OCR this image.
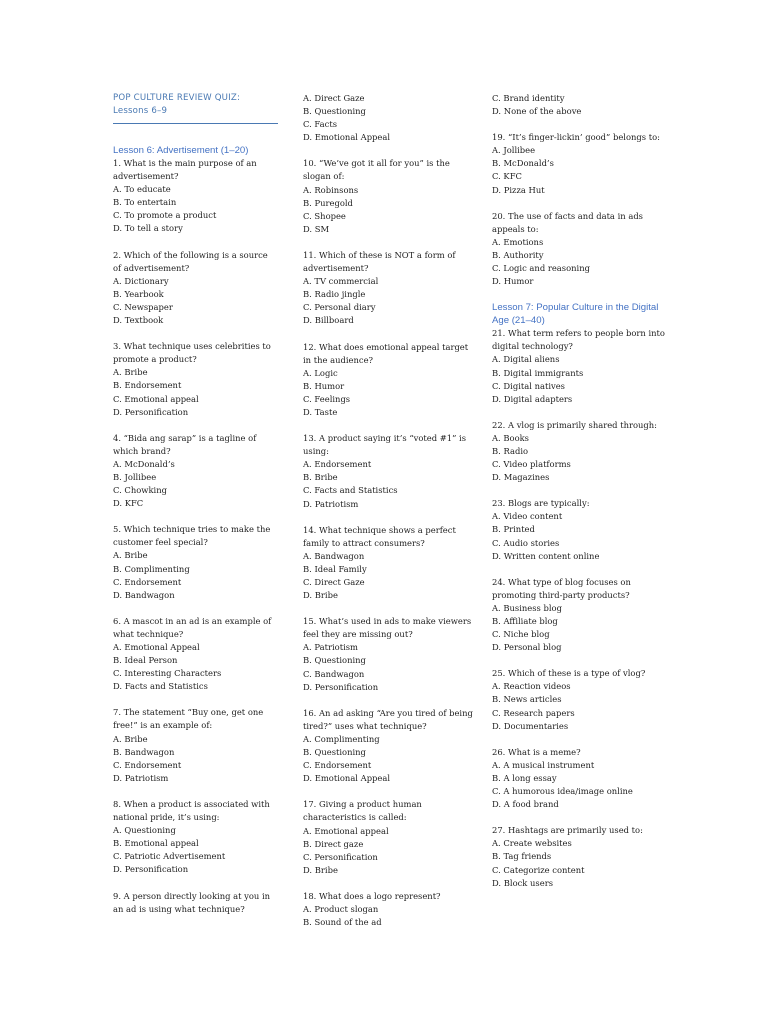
POP CULTURE REVIEW QUIZ: Lessons 6–9
Lesson 6: Advertisement (1–20)
1. What is the main purpose of an advertisement?
A. To educate
B. To entertain
C. To promote a product
D. To tell a story
2. Which of the following is a source of advertisement?
A. Dictionary
B. Yearbook
C. Newspaper
D. Textbook
3. What technique uses celebrities to promote a product?
A. Bribe
B. Endorsement
C. Emotional appeal
D. Personification
4. “Bida ang sarap” is a tagline of which brand?
A. McDonald’s
B. Jollibee
C. Chowking
D. KFC
5. Which technique tries to make the customer feel special?
A. Bribe
B. Complimenting
C. Endorsement
D. Bandwagon
6. A mascot in an ad is an example of what technique?
A. Emotional Appeal
B. Ideal Person
C. Interesting Characters
D. Facts and Statistics
7. The statement “Buy one, get one free!” is an example of:
A. Bribe
B. Bandwagon
C. Endorsement
D. Patriotism
8. When a product is associated with national pride, it’s using:
A. Questioning
B. Emotional appeal
C. Patriotic Advertisement
D. Personification
9. A person directly looking at you in an ad is using what technique?
A. Direct Gaze
B. Questioning
C. Facts
D. Emotional Appeal
10. “We’ve got it all for you” is the slogan of:
A. Robinsons
B. Puregold
C. Shopee
D. SM
11. Which of these is NOT a form of advertisement?
A. TV commercial
B. Radio jingle
C. Personal diary
D. Billboard
12. What does emotional appeal target in the audience?
A. Logic
B. Humor
C. Feelings
D. Taste
13. A product saying it’s “voted #1” is using:
A. Endorsement
B. Bribe
C. Facts and Statistics
D. Patriotism
14. What technique shows a perfect family to attract consumers?
A. Bandwagon
B. Ideal Family
C. Direct Gaze
D. Bribe
15. What’s used in ads to make viewers feel they are missing out?
A. Patriotism
B. Questioning
C. Bandwagon
D. Personification
16. An ad asking “Are you tired of being tired?” uses what technique?
A. Complimenting
B. Questioning
C. Endorsement
D. Emotional Appeal
17. Giving a product human characteristics is called:
A. Emotional appeal
B. Direct gaze
C. Personification
D. Bribe
18. What does a logo represent?
A. Product slogan
B. Sound of the ad
C. Brand identity
D. None of the above
19. “It’s finger-lickin’ good” belongs to:
A. Jollibee
B. McDonald’s
C. KFC
D. Pizza Hut
20. The use of facts and data in ads appeals to:
A. Emotions
B. Authority
C. Logic and reasoning
D. Humor
Lesson 7: Popular Culture in the Digital Age (21–40)
21. What term refers to people born into digital technology?
A. Digital aliens
B. Digital immigrants
C. Digital natives
D. Digital adapters
22. A vlog is primarily shared through:
A. Books
B. Radio
C. Video platforms
D. Magazines
23. Blogs are typically:
A. Video content
B. Printed
C. Audio stories
D. Written content online
24. What type of blog focuses on promoting third-party products?
A. Business blog
B. Affiliate blog
C. Niche blog
D. Personal blog
25. Which of these is a type of vlog?
A. Reaction videos
B. News articles
C. Research papers
D. Documentaries
26. What is a meme?
A. A musical instrument
B. A long essay
C. A humorous idea/image online
D. A food brand
27. Hashtags are primarily used to:
A. Create websites
B. Tag friends
C. Categorize content
D. Block users
